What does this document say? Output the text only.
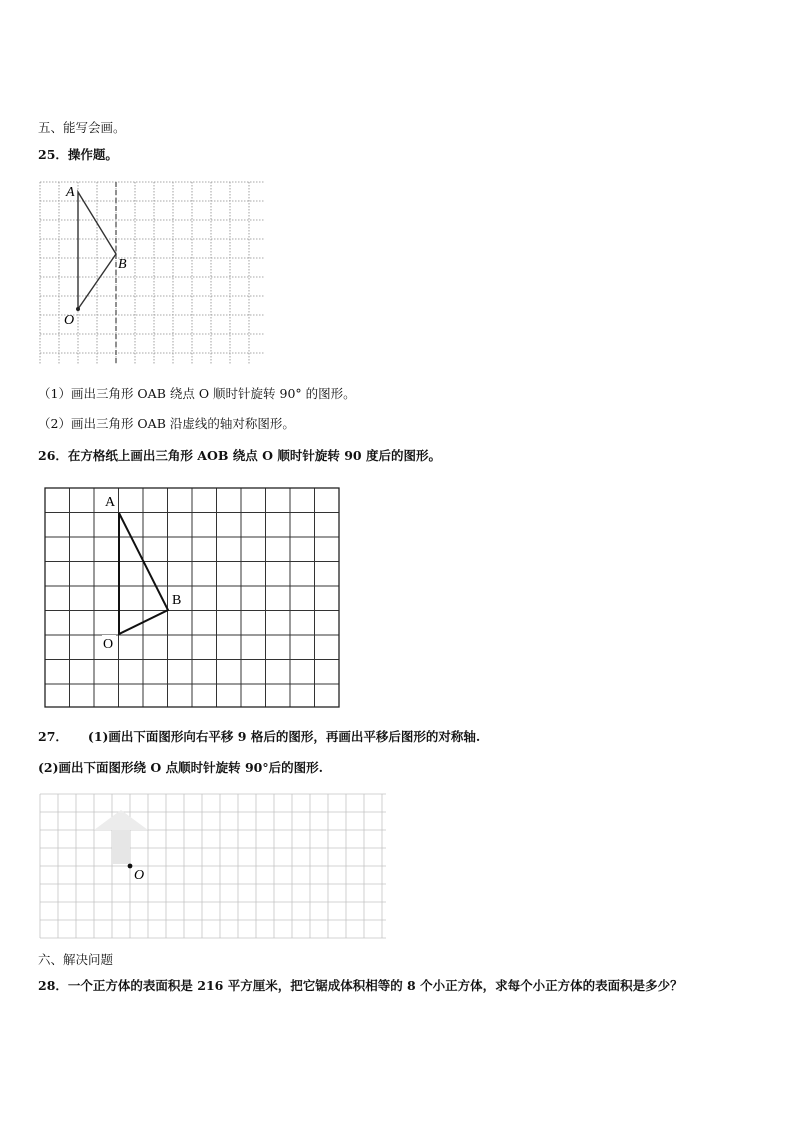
五、能写会画。
25．操作题。
A
B
O
（1）画出三角形 OAB 绕点 O 顺时针旋转 90° 的图形。
（2）画出三角形 OAB 沿虚线的轴对称图形。
26．在方格纸上画出三角形 AOB 绕点 O 顺时针旋转 90 度后的图形。
A
B
O
27． (1)画出下面图形向右平移 9 格后的图形，再画出平移后图形的对称轴.
(2)画出下面图形绕 O 点顺时针旋转 90°后的图形.
O
六、解决问题
28．一个正方体的表面积是 216 平方厘米，把它锯成体积相等的 8 个小正方体，求每个小正方体的表面积是多少？
